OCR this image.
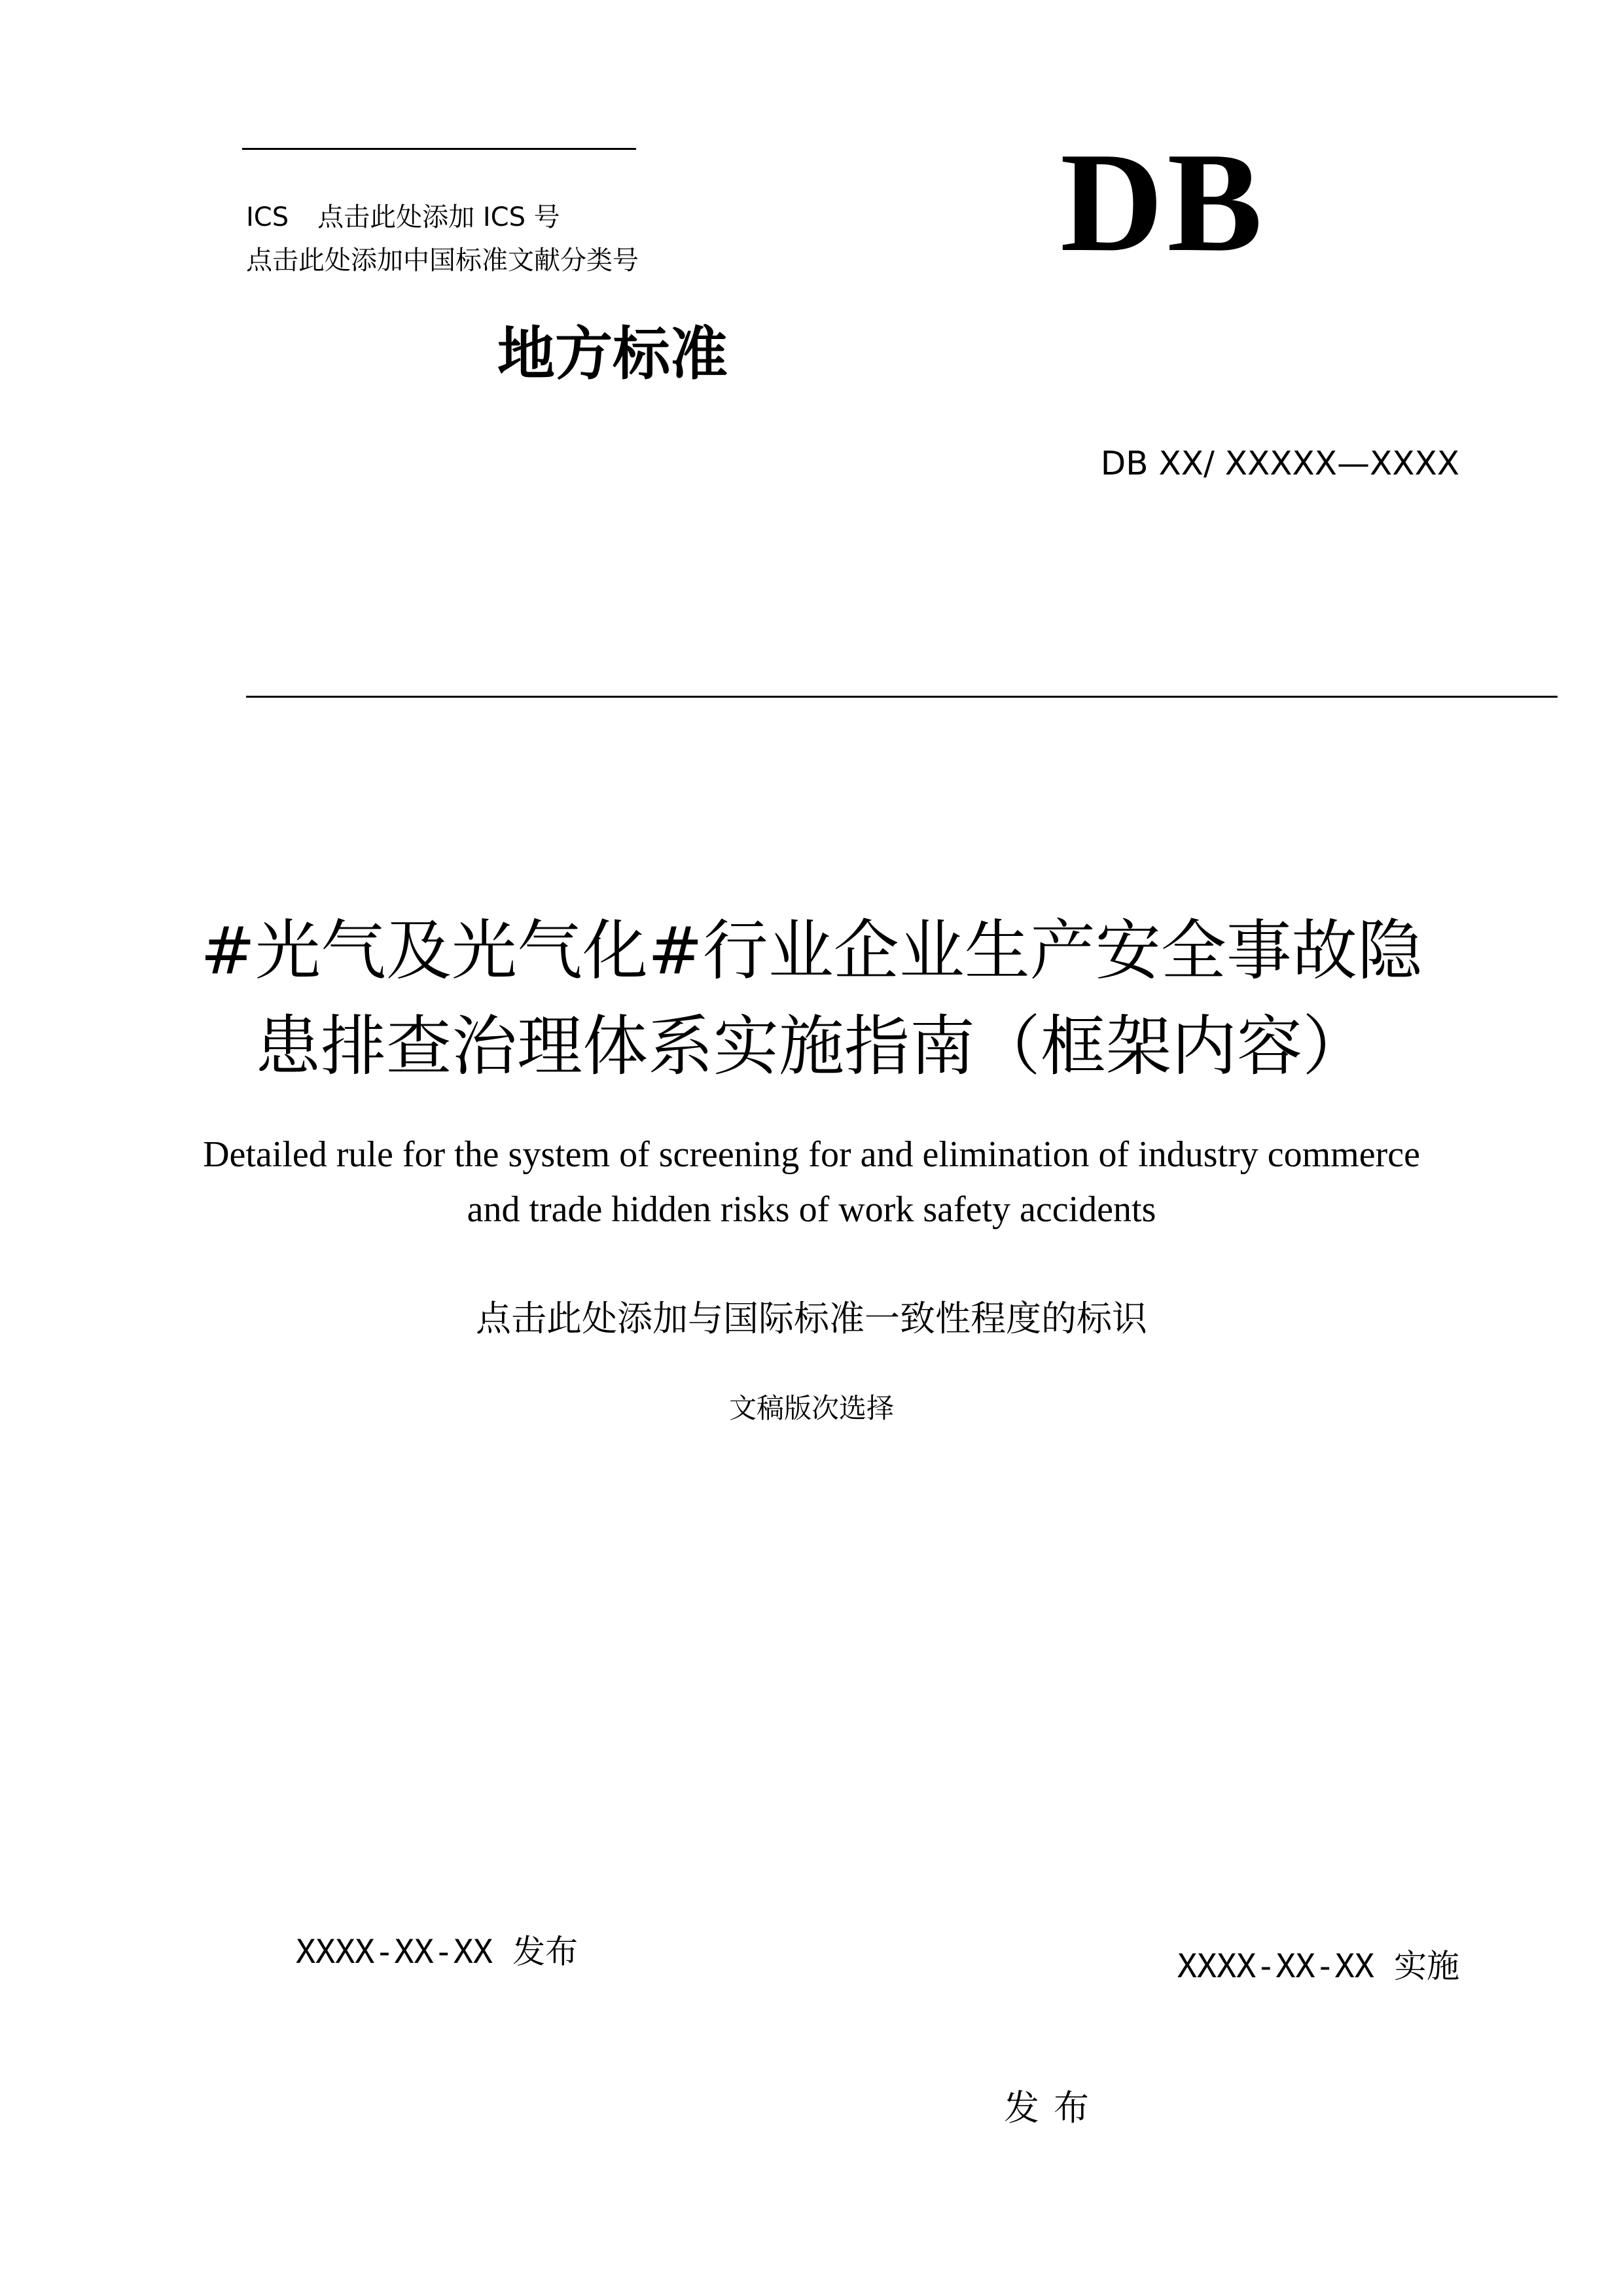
ICS 点击此处添加 ICS 号
点击此处添加中国标准文献分类号	DB
地方标准
DB XX/ XXXXX—XXXX
#光气及光气化#行业企业生产安全事故隐
患排查治理体系实施指南（框架内容）
Detailed rule for the system of screening for and elimination of industry commerce
and trade hidden risks of work safety accidents
点击此处添加与国际标准一致性程度的标识
文稿版次选择
XXXX-XX-XX 发布	XXXX-XX-XX 实施
发布
